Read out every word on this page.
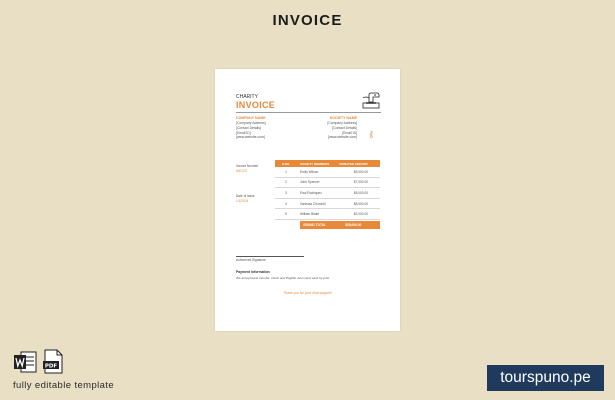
INVOICE
CHARITY
INVOICE
COMPANY NAME
[Company Address]
[Contact Details]
[Email ID]
[www.website.com]
SOCIETY NAME
[Company Address]
[Contact Details]
[Email ID]
[www.website.com]	PAID
Invoice Number
#00123
Date of Issue
1/1/2024
S.NO.	SOCIETY MEMBERS	DONATED AMOUNT
1	Emily Wilson	$5,000.00
2	John Spencer	$7,000.00
3	Paul Rodriquez	$6,000.00
4	Vanessa Churchill	$8,000.00
5	William Blake	$2,000.00
GRAND TOTAL	$28,000.00
Authorized Signature
Payment Information
We accept bank transfer, check and PayPal. Also send cash by post.
Thank you for your kind support!
PDF
fully editable template	tourspuno.pe
